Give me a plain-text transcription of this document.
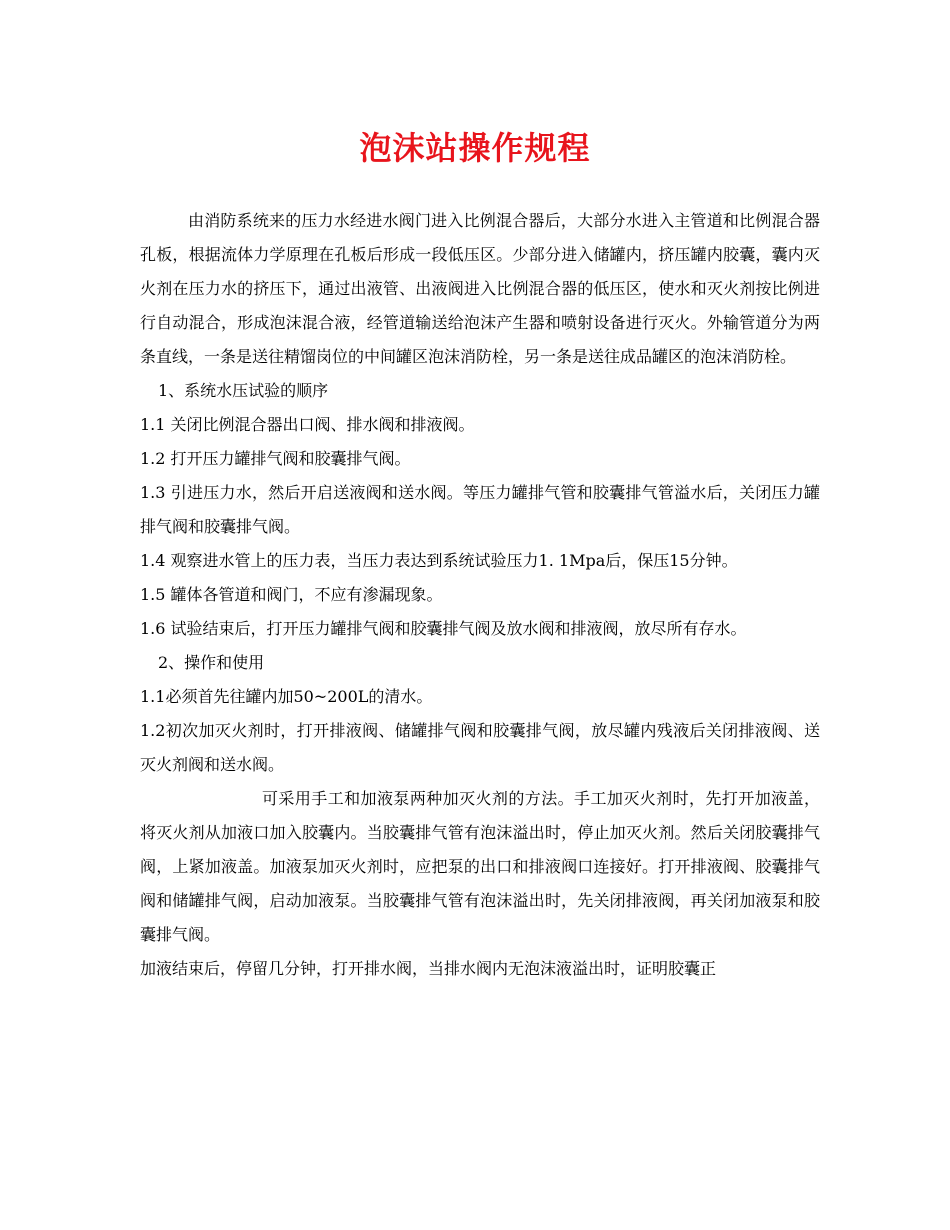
泡沫站操作规程

由消防系统来的压力水经进水阀门进入比例混合器后，大部分水进入主管道和比例混合器孔板，根据流体力学原理在孔板后形成一段低压区。少部分进入储罐内，挤压罐内胶囊，囊内灭火剂在压力水的挤压下，通过出液管、出液阀进入比例混合器的低压区，使水和灭火剂按比例进行自动混合，形成泡沫混合液，经管道输送给泡沫产生器和喷射设备进行灭火。外输管道分为两条直线，一条是送往精馏岗位的中间罐区泡沫消防栓，另一条是送往成品罐区的泡沫消防栓。

1、系统水压试验的顺序

1.1 关闭比例混合器出口阀、排水阀和排液阀。

1.2 打开压力罐排气阀和胶囊排气阀。

1.3 引进压力水，然后开启送液阀和送水阀。等压力罐排气管和胶囊排气管溢水后，关闭压力罐排气阀和胶囊排气阀。

1.4 观察进水管上的压力表，当压力表达到系统试验压力1. 1Mpa后，保压15分钟。

1.5 罐体各管道和阀门，不应有渗漏现象。

1.6 试验结束后，打开压力罐排气阀和胶囊排气阀及放水阀和排液阀，放尽所有存水。

2、操作和使用

1.1必须首先往罐内加50~200L的清水。

1.2初次加灭火剂时，打开排液阀、储罐排气阀和胶囊排气阀，放尽罐内残液后关闭排液阀、送灭火剂阀和送水阀。

可采用手工和加液泵两种加灭火剂的方法。手工加灭火剂时，先打开加液盖，将灭火剂从加液口加入胶囊内。当胶囊排气管有泡沫溢出时，停止加灭火剂。然后关闭胶囊排气阀，上紧加液盖。加液泵加灭火剂时，应把泵的出口和排液阀口连接好。打开排液阀、胶囊排气阀和储罐排气阀，启动加液泵。当胶囊排气管有泡沫溢出时，先关闭排液阀，再关闭加液泵和胶囊排气阀。

加液结束后，停留几分钟，打开排水阀，当排水阀内无泡沫液溢出时，证明胶囊正
